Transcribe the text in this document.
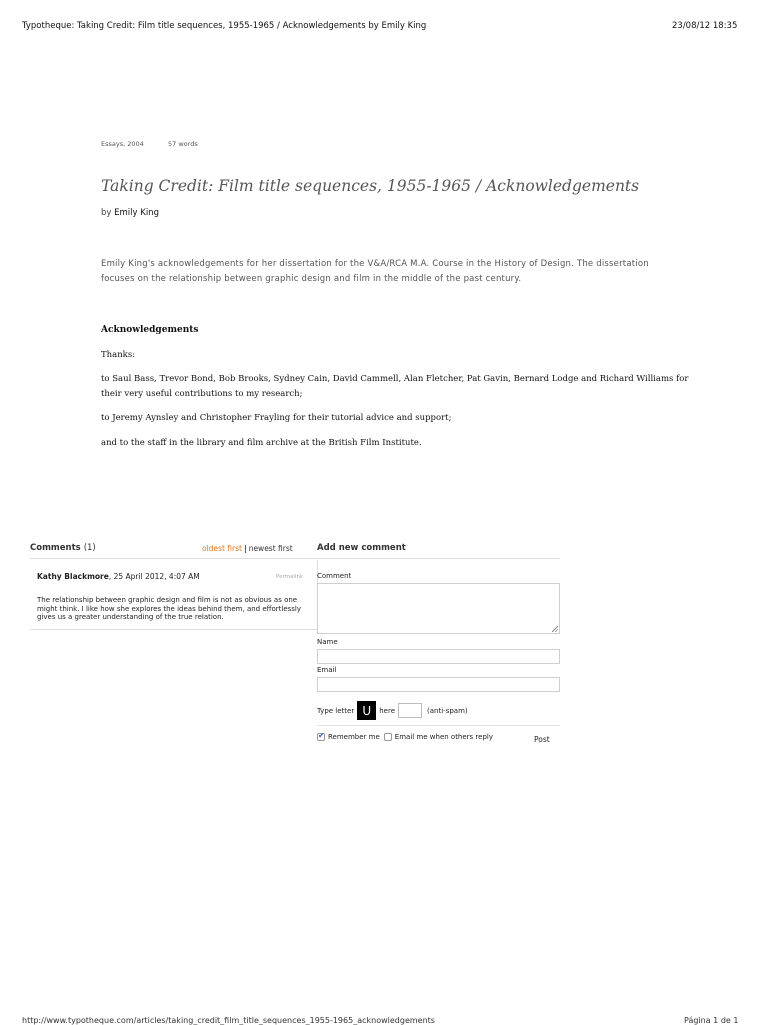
Typotheque: Taking Credit: Film title sequences, 1955-1965 / Acknowledgements by Emily King	23/08/12 18:35
Essays, 2004	57 words
Taking Credit: Film title sequences, 1955-1965 / Acknowledgements
by Emily King
Emily King's acknowledgements for her dissertation for the V&A/RCA M.A. Course in the History of Design. The dissertation focuses on the relationship between graphic design and film in the middle of the past century.
Acknowledgements
Thanks:
to Saul Bass, Trevor Bond, Bob Brooks, Sydney Cain, David Cammell, Alan Fletcher, Pat Gavin, Bernard Lodge and Richard Williams for their very useful contributions to my research;
to Jeremy Aynsley and Christopher Frayling for their tutorial advice and support;
and to the staff in the library and film archive at the British Film Institute.
Comments (1)	oldest first | newest first
Kathy Blackmore, 25 April 2012, 4:07 AM	Permalink
The relationship between graphic design and film is not as obvious as one might think. I like how she explores the ideas behind them, and effortlessly gives us a greater understanding of the true relation.
Add new comment
Comment
Name
Email
Type letter U	here	(anti-spam)
✔
Remember me Email me when others reply	Post
http://www.typotheque.com/articles/taking_credit_film_title_sequences_1955-1965_acknowledgements	Página 1 de 1
